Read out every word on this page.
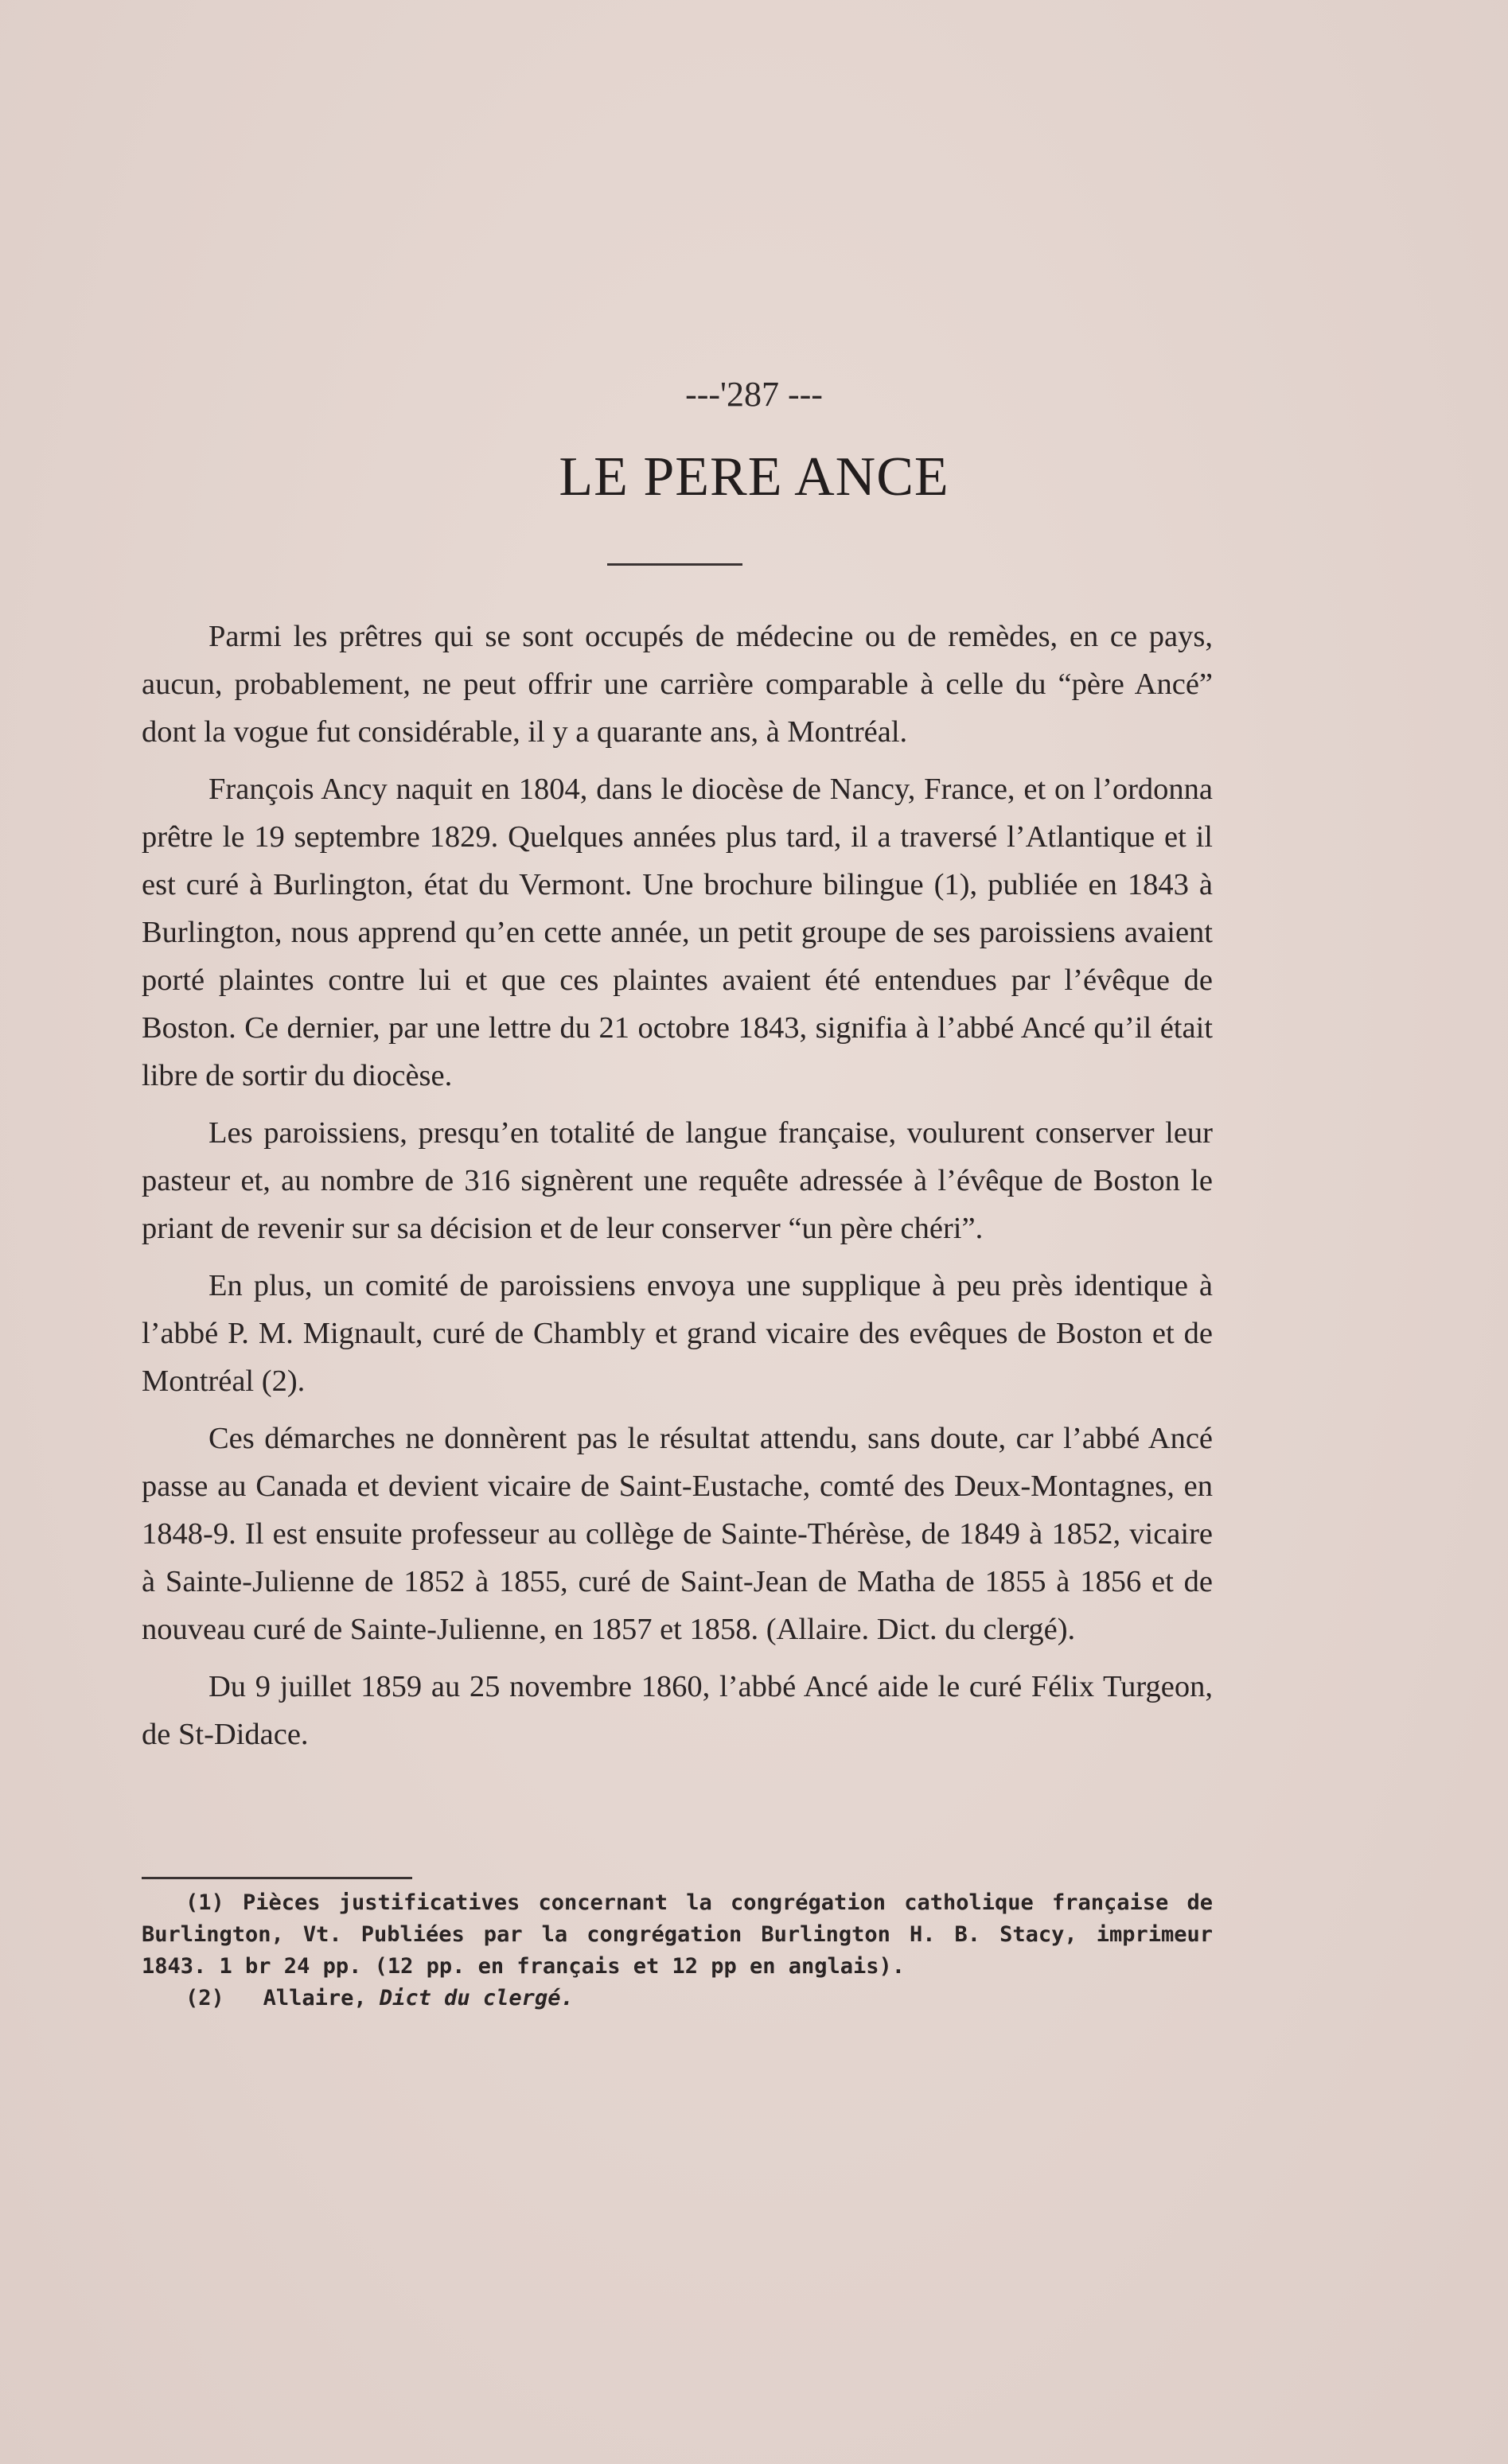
---'287 ---
LE PERE ANCE

Parmi les prêtres qui se sont occupés de médecine ou de remèdes, en ce pays, aucun, probablement, ne peut offrir une carrière comparable à celle du “père Ancé” dont la vogue fut considérable, il y a quarante ans, à Montréal.

François Ancy naquit en 1804, dans le diocèse de Nancy, France, et on l’ordonna prêtre le 19 septembre 1829. Quelques années plus tard, il a traversé l’Atlantique et il est curé à Burlington, état du Vermont. Une brochure bilingue (1), publiée en 1843 à Burlington, nous apprend qu’en cette année, un petit groupe de ses paroissiens avaient porté plaintes contre lui et que ces plaintes avaient été entendues par l’évêque de Boston. Ce dernier, par une lettre du 21 octobre 1843, signifia à l’abbé Ancé qu’il était libre de sortir du diocèse.

Les paroissiens, presqu’en totalité de langue française, voulurent conserver leur pasteur et, au nombre de 316 signèrent une requête adressée à l’évêque de Boston le priant de revenir sur sa décision et de leur conserver “un père chéri”.

En plus, un comité de paroissiens envoya une supplique à peu près identique à l’abbé P. M. Mignault, curé de Chambly et grand vicaire des evêques de Boston et de Montréal (2).

Ces démarches ne donnèrent pas le résultat attendu, sans doute, car l’abbé Ancé passe au Canada et devient vicaire de Saint-Eustache, comté des Deux-Montagnes, en 1848-9. Il est ensuite professeur au collège de Sainte-Thérèse, de 1849 à 1852, vicaire à Sainte-Julienne de 1852 à 1855, curé de Saint-Jean de Matha de 1855 à 1856 et de nouveau curé de Sainte-Julienne, en 1857 et 1858. (Allaire. Dict. du clergé).

Du 9 juillet 1859 au 25 novembre 1860, l’abbé Ancé aide le curé Félix Turgeon, de St-Didace.

(1) Pièces justificatives concernant la congrégation catholique française de Burlington, Vt. Publiées par la congrégation Burlington H. B. Stacy, imprimeur 1843. 1 br 24 pp. (12 pp. en français et 12 pp en anglais).

(2) Allaire, Dict du clergé.
